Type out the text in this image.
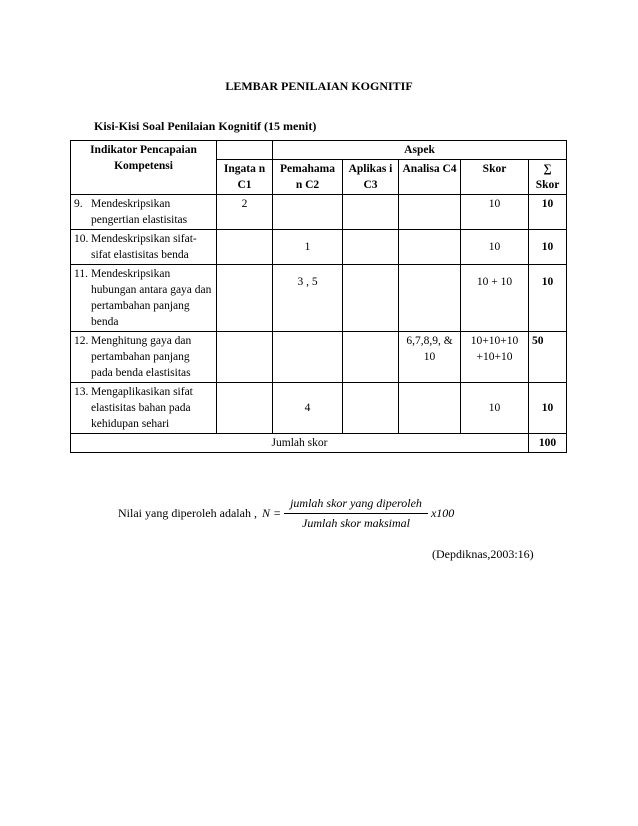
LEMBAR PENILAIAN KOGNITIF
Kisi-Kisi Soal Penilaian Kognitif (15 menit)
Indikator Pencapaian Kompetensi		Aspek				
	Ingata n C1	Pemahama n C2	Aplikas i C3	Analisa C4	Skor	∑
Skor

9. Mendeskripsikan pengertian elastisitas	2				10	10

10. Mendeskripsikan sifat-sifat elastisitas benda		1			10	10

11. Mendeskripsikan hubungan antara gaya dan pertambahan panjang benda		3 , 5			10 + 10	10

12. Menghitung gaya dan pertambahan panjang pada benda elastisitas				6,7,8,9, & 10	10+10+10 +10+10	50

13. Mengaplikasikan sifat elastisitas bahan pada kehidupan sehari		4			10	10
Jumlah skor						100
Nilai yang diperoleh adalah , $N = \frac{\text{jumlah skor yang diperoleh}}{\text{Jumlah skor maksimal}} x100$
(Depdiknas,2003:16)
